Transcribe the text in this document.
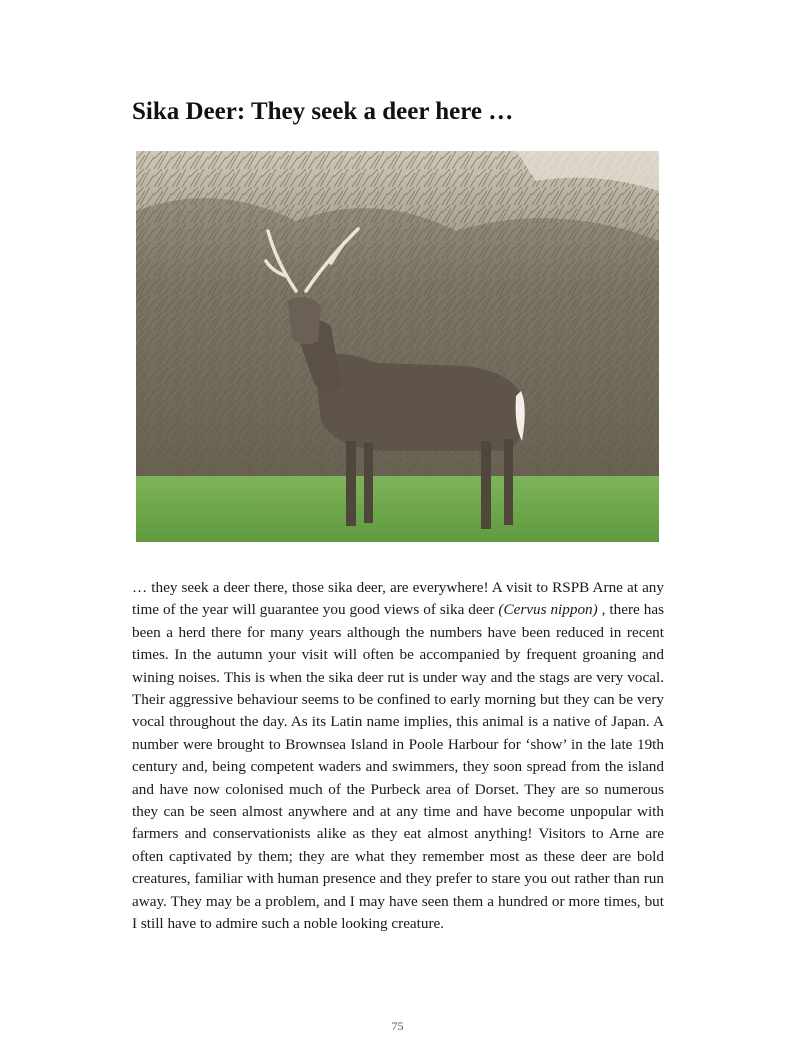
Sika Deer: They seek a deer here …

… they seek a deer there, those sika deer, are everywhere! A visit to RSPB Arne at any time of the year will guarantee you good views of sika deer (Cervus nippon) , there has been a herd there for many years although the numbers have been reduced in recent times. In the autumn your visit will often be accompanied by frequent groaning and wining noises. This is when the sika deer rut is under way and the stags are very vocal. Their aggressive behaviour seems to be confined to early morning but they can be very vocal throughout the day. As its Latin name implies, this animal is a native of Japan. A number were brought to Brownsea Island in Poole Harbour for ‘show’ in the late 19th century and, being competent waders and swimmers, they soon spread from the island and have now colonised much of the Purbeck area of Dorset. They are so numerous they can be seen almost anywhere and at any time and have become unpopular with farmers and conservationists alike as they eat almost anything! Visitors to Arne are often captivated by them; they are what they remember most as these deer are bold creatures, familiar with human presence and they prefer to stare you out rather than run away. They may be a problem, and I may have seen them a hundred or more times, but I still have to admire such a noble looking creature.

75
